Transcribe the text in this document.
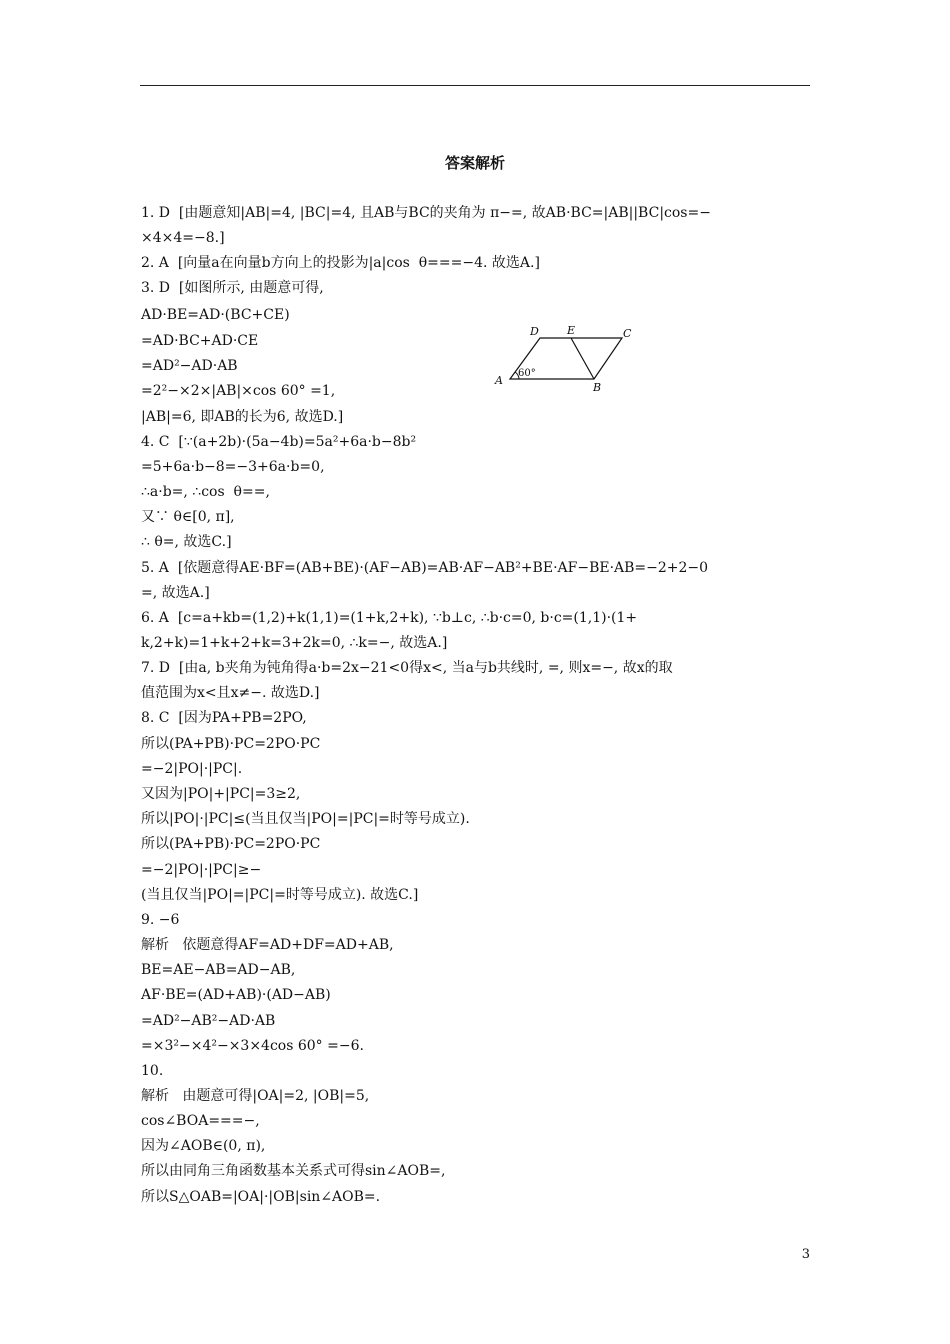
答案解析
1. D  [由题意知|AB|=4, |BC|=4, 且AB与BC的夹角为 π−=, 故AB·BC=|AB||BC|cos=−
×4×4=−8.]
2. A  [向量a在向量b方向上的投影为|a|cos  θ===−4. 故选A.]
3. D  [如图所示, 由题意可得,
AD·BE=AD·(BC+CE)
=AD·BC+AD·CE
=AD²−AD·AB
=2²−×2×|AB|×cos 60° =1,
|AB|=6, 即AB的长为6, 故选D.]
4. C  [∵(a+2b)·(5a−4b)=5a²+6a·b−8b²
=5+6a·b−8=−3+6a·b=0,
∴a·b=, ∴cos  θ==,
又∵ θ∈[0, π],
∴ θ=, 故选C.]
5. A  [依题意得AE·BF=(AB+BE)·(AF−AB)=AB·AF−AB²+BE·AF−BE·AB=−2+2−0
=, 故选A.]
6. A  [c=a+kb=(1,2)+k(1,1)=(1+k,2+k), ∵b⊥c, ∴b·c=0, b·c=(1,1)·(1+
k,2+k)=1+k+2+k=3+2k=0, ∴k=−, 故选A.]
7. D  [由a, b夹角为钝角得a·b=2x−21<0得x<, 当a与b共线时, =, 则x=−, 故x的取
值范围为x<且x≠−. 故选D.]
8. C  [因为PA+PB=2PO,
所以(PA+PB)·PC=2PO·PC
=−2|PO|·|PC|.
又因为|PO|+|PC|=3≥2,
所以|PO|·|PC|≤(当且仅当|PO|=|PC|=时等号成立).
所以(PA+PB)·PC=2PO·PC
=−2|PO|·|PC|≥−
(当且仅当|PO|=|PC|=时等号成立). 故选C.]
9. −6
解析   依题意得AF=AD+DF=AD+AB,
BE=AE−AB=AD−AB,
AF·BE=(AD+AB)·(AD−AB)
=AD²−AB²−AD·AB
=×3²−×4²−×3×4cos 60° =−6.
10.
解析   由题意可得|OA|=2, |OB|=5,
cos∠BOA===−,
因为∠AOB∈(0, π),
所以由同角三角函数基本关系式可得sin∠AOB=,
所以S△OAB=|OA|·|OB|sin∠AOB=.
D	E	C
A
B
60°
3
